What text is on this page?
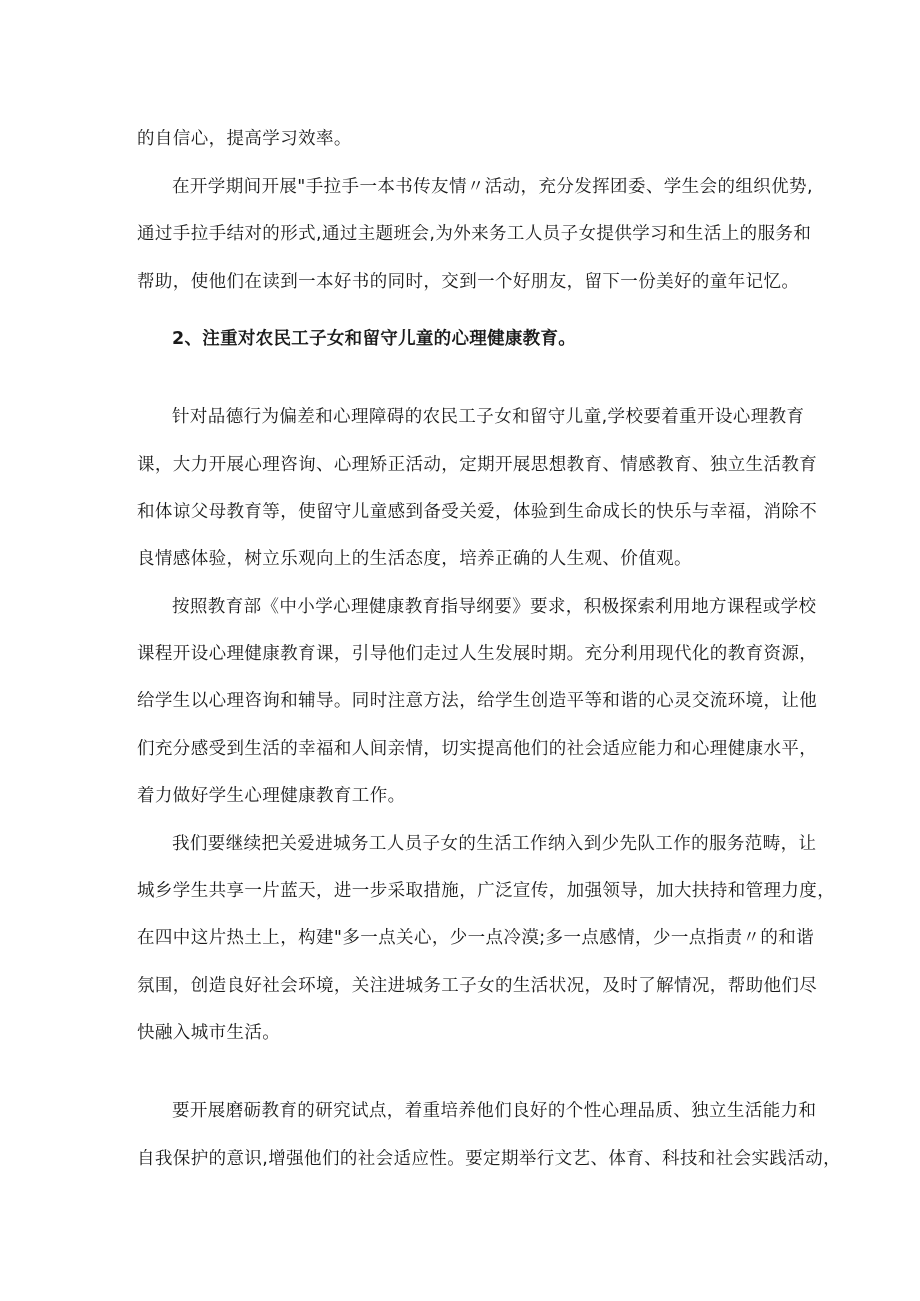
的自信心，提高学习效率。
在开学期间开展"手拉手一本书传友情〃活动，充分发挥团委、学生会的组织优势,
通过手拉手结对的形式,通过主题班会,为外来务工人员子女提供学习和生活上的服务和
帮助，使他们在读到一本好书的同时，交到一个好朋友，留下一份美好的童年记忆。
2、注重对农民工子女和留守儿童的心理健康教育。
针对品德行为偏差和心理障碍的农民工子女和留守儿童,学校要着重开设心理教育
课，大力开展心理咨询、心理矫正活动，定期开展思想教育、情感教育、独立生活教育
和体谅父母教育等，使留守儿童感到备受关爱，体验到生命成长的快乐与幸福，消除不
良情感体验，树立乐观向上的生活态度，培养正确的人生观、价值观。
按照教育部《中小学心理健康教育指导纲要》要求，积极探索利用地方课程或学校
课程开设心理健康教育课，引导他们走过人生发展时期。充分利用现代化的教育资源，
给学生以心理咨询和辅导。同时注意方法，给学生创造平等和谐的心灵交流环境，让他
们充分感受到生活的幸福和人间亲情，切实提高他们的社会适应能力和心理健康水平，
着力做好学生心理健康教育工作。
我们要继续把关爱进城务工人员子女的生活工作纳入到少先队工作的服务范畴，让
城乡学生共享一片蓝天，进一步采取措施，广泛宣传，加强领导，加大扶持和管理力度，
在四中这片热土上，构建"多一点关心，少一点冷漠;多一点感情，少一点指责〃的和谐
氛围，创造良好社会环境，关注进城务工子女的生活状况，及时了解情况，帮助他们尽
快融入城市生活。
要开展磨砺教育的研究试点，着重培养他们良好的个性心理品质、独立生活能力和
自我保护的意识,增强他们的社会适应性。要定期举行文艺、体育、科技和社会实践活动，
